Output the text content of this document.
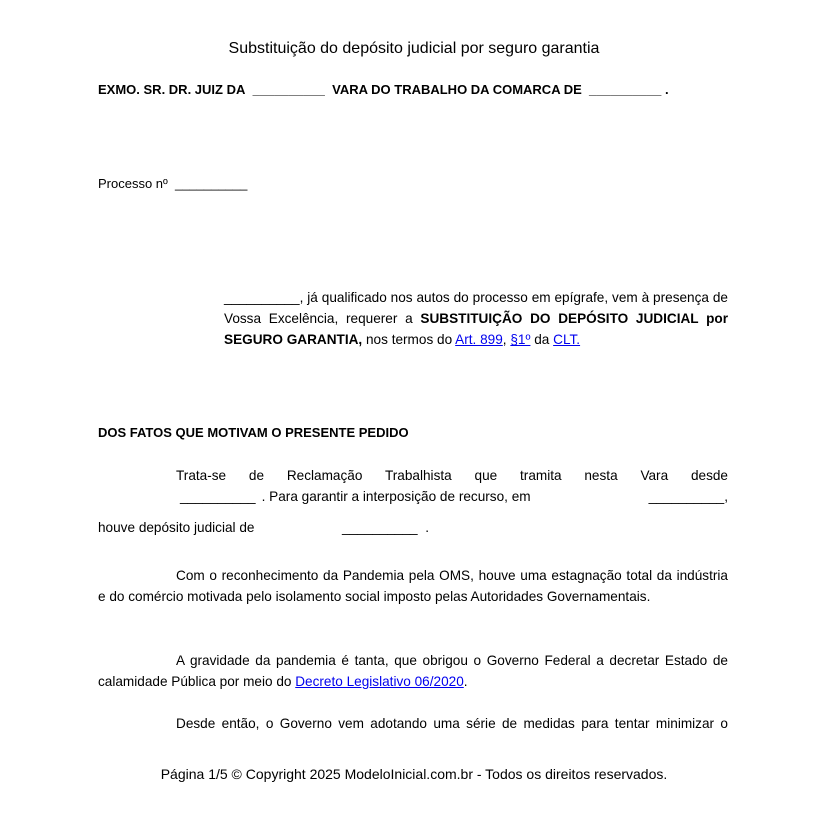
Substituição do depósito judicial por seguro garantia
EXMO. SR. DR. JUIZ DA __________ VARA DO TRABALHO DA COMARCA DE __________ .
Processo nº __________
__________, já qualificado nos autos do processo em epígrafe, vem à presença de Vossa Excelência, requerer a SUBSTITUIÇÃO DO DEPÓSITO JUDICIAL por SEGURO GARANTIA, nos termos do Art. 899, §1º da CLT.
DOS FATOS QUE MOTIVAM O PRESENTE PEDIDO
Trata-se de Reclamação Trabalhista que tramita nesta Vara desde
__________ . Para garantir a interposição de recurso, em	__________ ,
houve depósito judicial de	__________ .
Com o reconhecimento da Pandemia pela OMS, houve uma estagnação total da indústria e do comércio motivada pelo isolamento social imposto pelas Autoridades Governamentais.
A gravidade da pandemia é tanta, que obrigou o Governo Federal a decretar Estado de calamidade Pública por meio do Decreto Legislativo 06/2020.
Desde então, o Governo vem adotando uma série de medidas para tentar minimizar o
Página 1/5 © Copyright 2025 ModeloInicial.com.br - Todos os direitos reservados.
